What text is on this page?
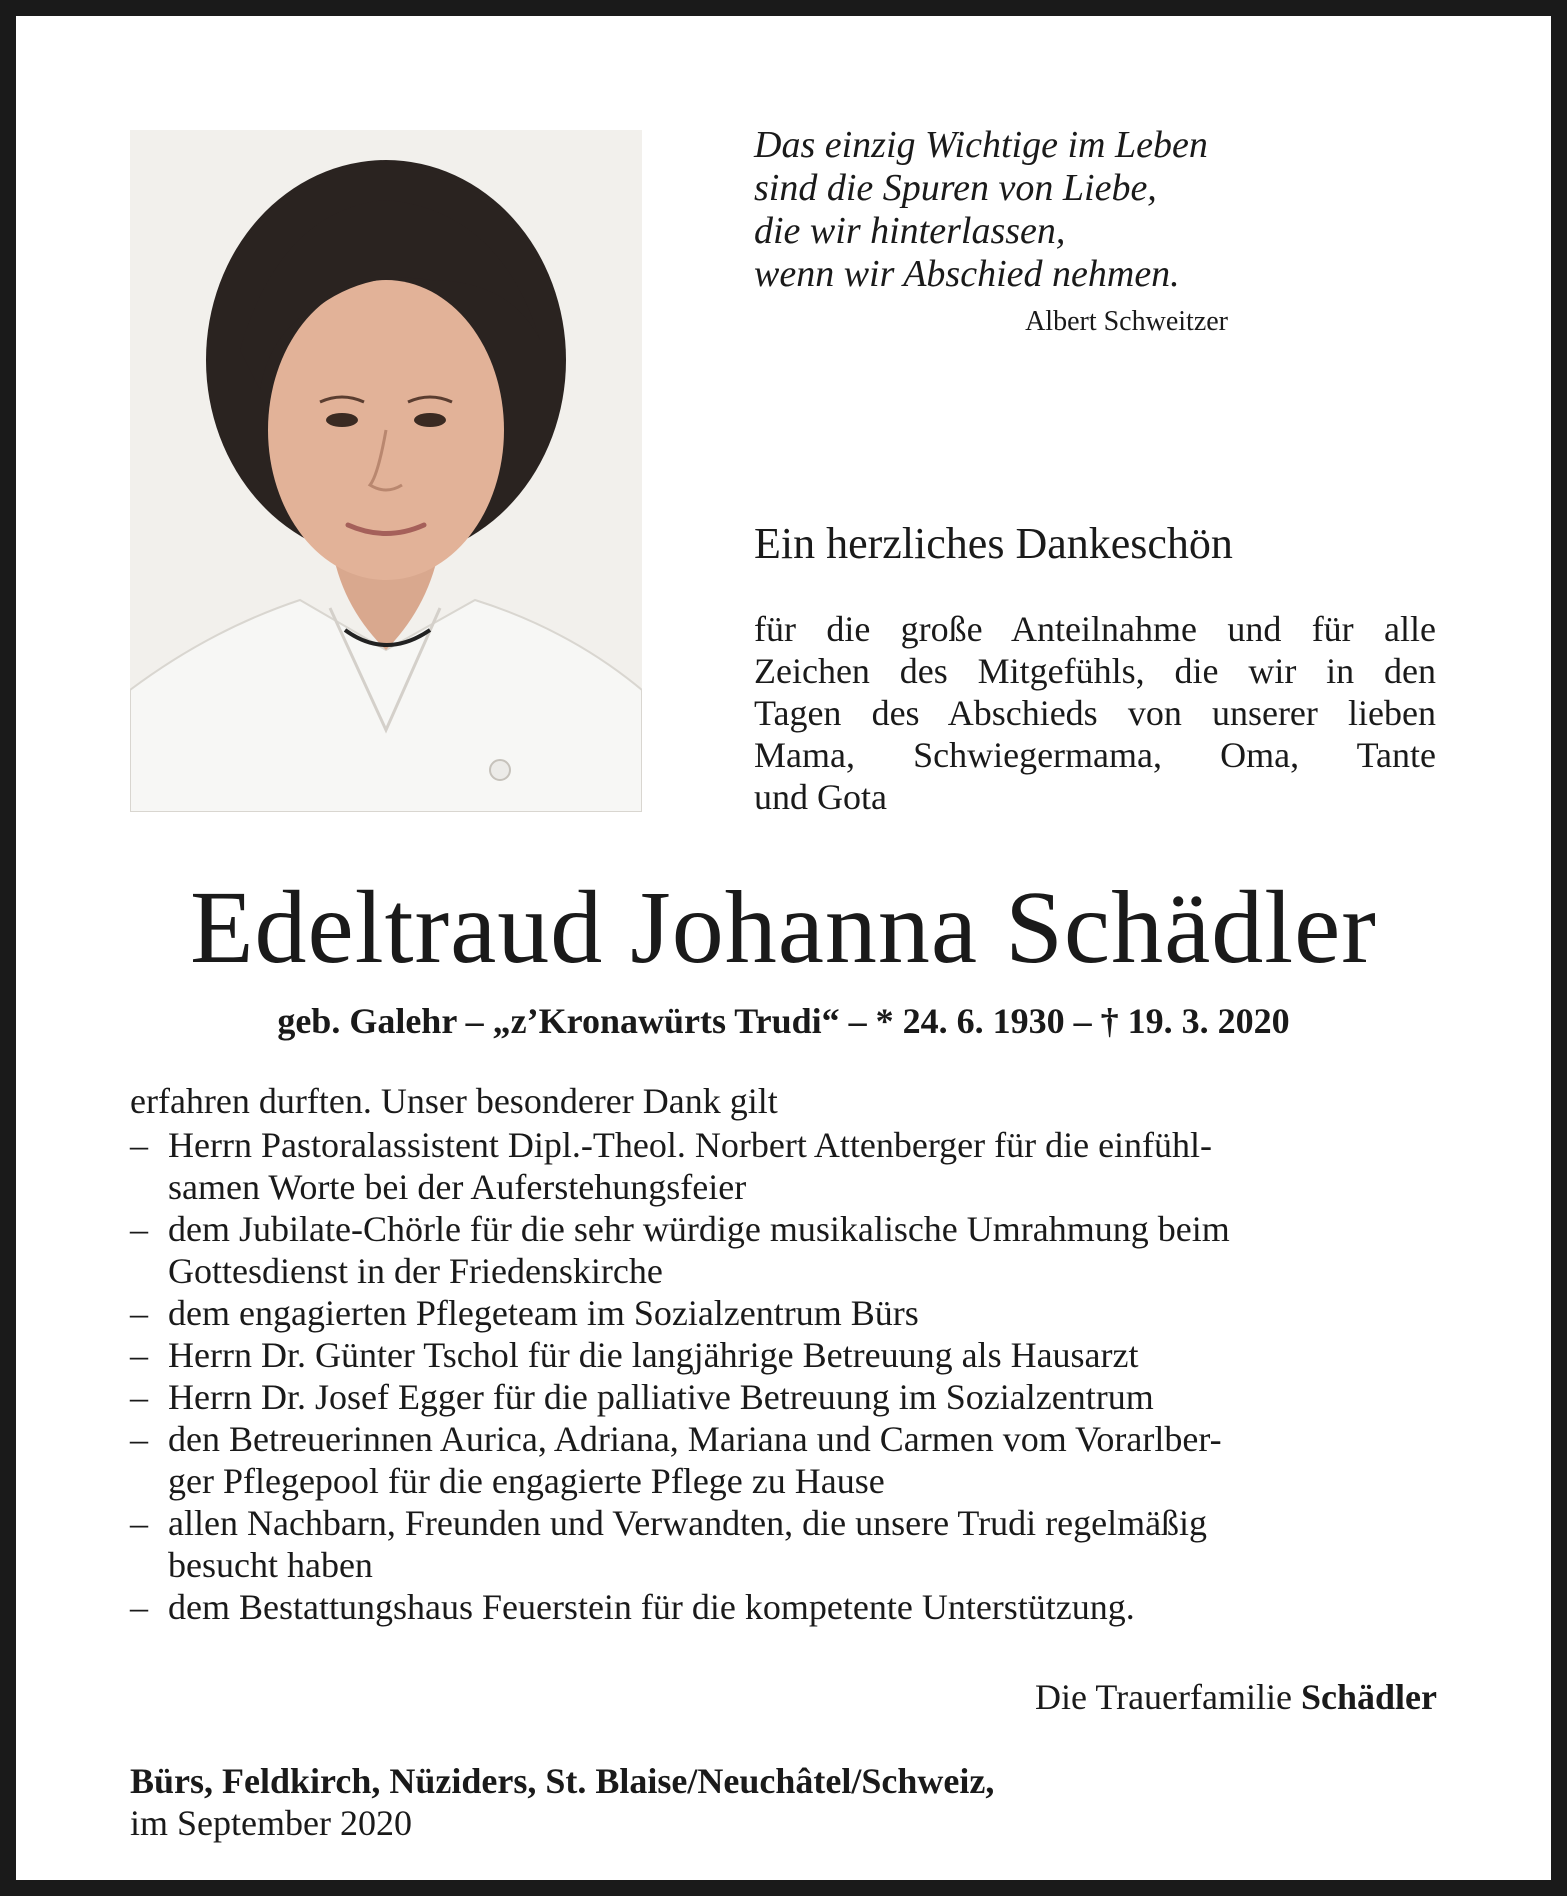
Das einzig Wichtige im Leben
sind die Spuren von Liebe,
die wir hinterlassen,
wenn wir Abschied nehmen.
Albert Schweitzer
Ein herzliches Dankeschön
für die große Anteilnahme und für alle
Zeichen des Mitgefühls, die wir in den
Tagen des Abschieds von unserer lieben
Mama, Schwiegermama, Oma, Tante
und Gota
Edeltraud Johanna Schädler
geb. Galehr – „z’Kronawürts Trudi“ – * 24. 6. 1930 – † 19. 3. 2020
erfahren durften. Unser besonderer Dank gilt
– Herrn Pastoralassistent Dipl.-Theol. Norbert Attenberger für die einfühl-
samen Worte bei der Auferstehungsfeier
– dem Jubilate-Chörle für die sehr würdige musikalische Umrahmung beim
Gottesdienst in der Friedenskirche
– dem engagierten Pflegeteam im Sozialzentrum Bürs
– Herrn Dr. Günter Tschol für die langjährige Betreuung als Hausarzt
– Herrn Dr. Josef Egger für die palliative Betreuung im Sozialzentrum
– den Betreuerinnen Aurica, Adriana, Mariana und Carmen vom Vorarlber-
ger Pflegepool für die engagierte Pflege zu Hause
– allen Nachbarn, Freunden und Verwandten, die unsere Trudi regelmäßig
besucht haben
– dem Bestattungshaus Feuerstein für die kompetente Unterstützung.
Die Trauerfamilie Schädler
Bürs, Feldkirch, Nüziders, St. Blaise/Neuchâtel/Schweiz,
im September 2020
